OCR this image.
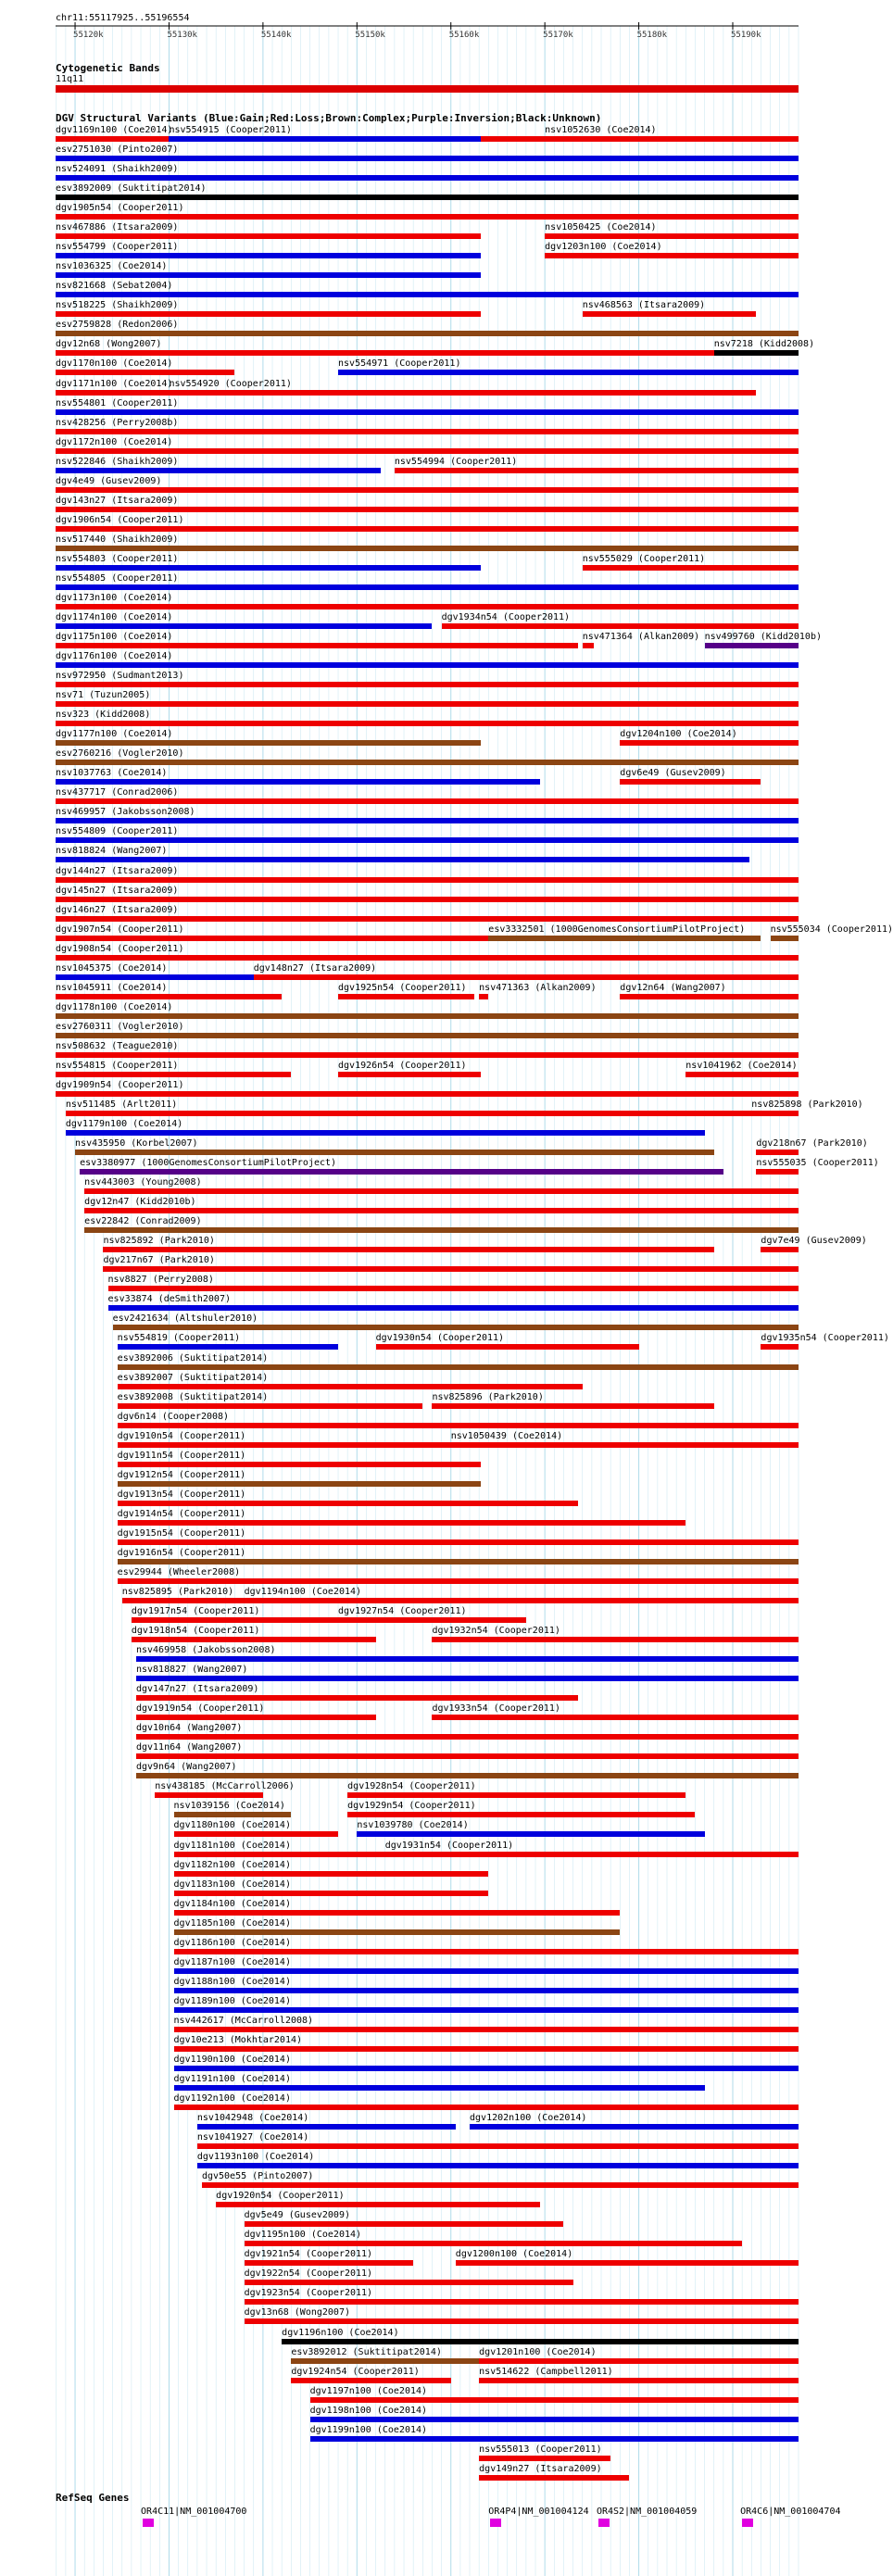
chr11:55117925..55196554
55120k	55130k	55140k	55150k	55160k	55170k	55180k	55190k
Cytogenetic Bands
11q11
DGV Structural Variants (Blue:Gain;Red:Loss;Brown:Complex;Purple:Inversion;Black:Unknown)
dgv1169n100 (Coe2014)
nsv554915 (Cooper2011)	nsv1052630 (Coe2014)
esv2751030 (Pinto2007)
nsv524091 (Shaikh2009)
esv3892009 (Suktitipat2014)
dgv1905n54 (Cooper2011)
nsv467886 (Itsara2009)	nsv1050425 (Coe2014)
nsv554799 (Cooper2011)	dgv1203n100 (Coe2014)
nsv1036325 (Coe2014)
nsv821668 (Sebat2004)
nsv518225 (Shaikh2009)	nsv468563 (Itsara2009)
esv2759828 (Redon2006)
dgv12n68 (Wong2007)	nsv7218 (Kidd2008)
dgv1170n100 (Coe2014)	nsv554971 (Cooper2011)
dgv1171n100 (Coe2014)
nsv554920 (Cooper2011)
nsv554801 (Cooper2011)
nsv428256 (Perry2008b)
dgv1172n100 (Coe2014)
nsv522846 (Shaikh2009)	nsv554994 (Cooper2011)
dgv4e49 (Gusev2009)
dgv143n27 (Itsara2009)
dgv1906n54 (Cooper2011)
nsv517440 (Shaikh2009)
nsv554803 (Cooper2011)	nsv555029 (Cooper2011)
nsv554805 (Cooper2011)
dgv1173n100 (Coe2014)
dgv1174n100 (Coe2014)	dgv1934n54 (Cooper2011)
dgv1175n100 (Coe2014)	nsv471364 (Alkan2009) nsv499760 (Kidd2010b)
dgv1176n100 (Coe2014)
nsv972950 (Sudmant2013)
nsv71 (Tuzun2005)
nsv323 (Kidd2008)
dgv1177n100 (Coe2014)	dgv1204n100 (Coe2014)
esv2760216 (Vogler2010)
nsv1037763 (Coe2014)	dgv6e49 (Gusev2009)
nsv437717 (Conrad2006)
nsv469957 (Jakobsson2008)
nsv554809 (Cooper2011)
nsv818824 (Wang2007)
dgv144n27 (Itsara2009)
dgv145n27 (Itsara2009)
dgv146n27 (Itsara2009)
dgv1907n54 (Cooper2011)	esv3332501 (1000GenomesConsortiumPilotProject)	nsv555034 (Cooper2011)
dgv1908n54 (Cooper2011)
nsv1045375 (Coe2014)	dgv148n27 (Itsara2009)
nsv1045911 (Coe2014)	dgv1925n54 (Cooper2011) nsv471363 (Alkan2009)	dgv12n64 (Wang2007)
dgv1178n100 (Coe2014)
esv2760311 (Vogler2010)
nsv508632 (Teague2010)
nsv554815 (Cooper2011)	dgv1926n54 (Cooper2011)	nsv1041962 (Coe2014)
dgv1909n54 (Cooper2011)
nsv511485 (Arlt2011)	nsv825898 (Park2010)
dgv1179n100 (Coe2014)
nsv435950 (Korbel2007)	dgv218n67 (Park2010)
esv3380977 (1000GenomesConsortiumPilotProject)	nsv555035 (Cooper2011)
nsv443003 (Young2008)
dgv12n47 (Kidd2010b)
esv22842 (Conrad2009)
nsv825892 (Park2010)	dgv7e49 (Gusev2009)
dgv217n67 (Park2010)
nsv8827 (Perry2008)
esv33874 (deSmith2007)
esv2421634 (Altshuler2010)
nsv554819 (Cooper2011)	dgv1930n54 (Cooper2011)	dgv1935n54 (Cooper2011)
esv3892006 (Suktitipat2014)
esv3892007 (Suktitipat2014)
esv3892008 (Suktitipat2014)	nsv825896 (Park2010)
dgv6n14 (Cooper2008)
dgv1910n54 (Cooper2011)	nsv1050439 (Coe2014)
dgv1911n54 (Cooper2011)
dgv1912n54 (Cooper2011)
dgv1913n54 (Cooper2011)
dgv1914n54 (Cooper2011)
dgv1915n54 (Cooper2011)
dgv1916n54 (Cooper2011)
esv29944 (Wheeler2008)
nsv825895 (Park2010) dgv1194n100 (Coe2014)
dgv1917n54 (Cooper2011)	dgv1927n54 (Cooper2011)
dgv1918n54 (Cooper2011)	dgv1932n54 (Cooper2011)
nsv469958 (Jakobsson2008)
nsv818827 (Wang2007)
dgv147n27 (Itsara2009)
dgv1919n54 (Cooper2011)	dgv1933n54 (Cooper2011)
dgv10n64 (Wang2007)
dgv11n64 (Wang2007)
dgv9n64 (Wang2007)
nsv438185 (McCarroll2006)	dgv1928n54 (Cooper2011)
nsv1039156 (Coe2014)	dgv1929n54 (Cooper2011)
dgv1180n100 (Coe2014)	nsv1039780 (Coe2014)
dgv1181n100 (Coe2014)	dgv1931n54 (Cooper2011)
dgv1182n100 (Coe2014)
dgv1183n100 (Coe2014)
dgv1184n100 (Coe2014)
dgv1185n100 (Coe2014)
dgv1186n100 (Coe2014)
dgv1187n100 (Coe2014)
dgv1188n100 (Coe2014)
dgv1189n100 (Coe2014)
nsv442617 (McCarroll2008)
dgv10e213 (Mokhtar2014)
dgv1190n100 (Coe2014)
dgv1191n100 (Coe2014)
dgv1192n100 (Coe2014)
nsv1042948 (Coe2014)	dgv1202n100 (Coe2014)
nsv1041927 (Coe2014)
dgv1193n100 (Coe2014)
dgv50e55 (Pinto2007)
dgv1920n54 (Cooper2011)
dgv5e49 (Gusev2009)
dgv1195n100 (Coe2014)
dgv1921n54 (Cooper2011)	dgv1200n100 (Coe2014)
dgv1922n54 (Cooper2011)
dgv1923n54 (Cooper2011)
dgv13n68 (Wong2007)
dgv1196n100 (Coe2014)
esv3892012 (Suktitipat2014)	dgv1201n100 (Coe2014)
dgv1924n54 (Cooper2011)	nsv514622 (Campbell2011)
dgv1197n100 (Coe2014)
dgv1198n100 (Coe2014)
dgv1199n100 (Coe2014)
nsv555013 (Cooper2011)
dgv149n27 (Itsara2009)
RefSeq Genes
OR4C11|NM_001004700	OR4P4|NM_001004124 OR4S2|NM_001004059	OR4C6|NM_001004704
